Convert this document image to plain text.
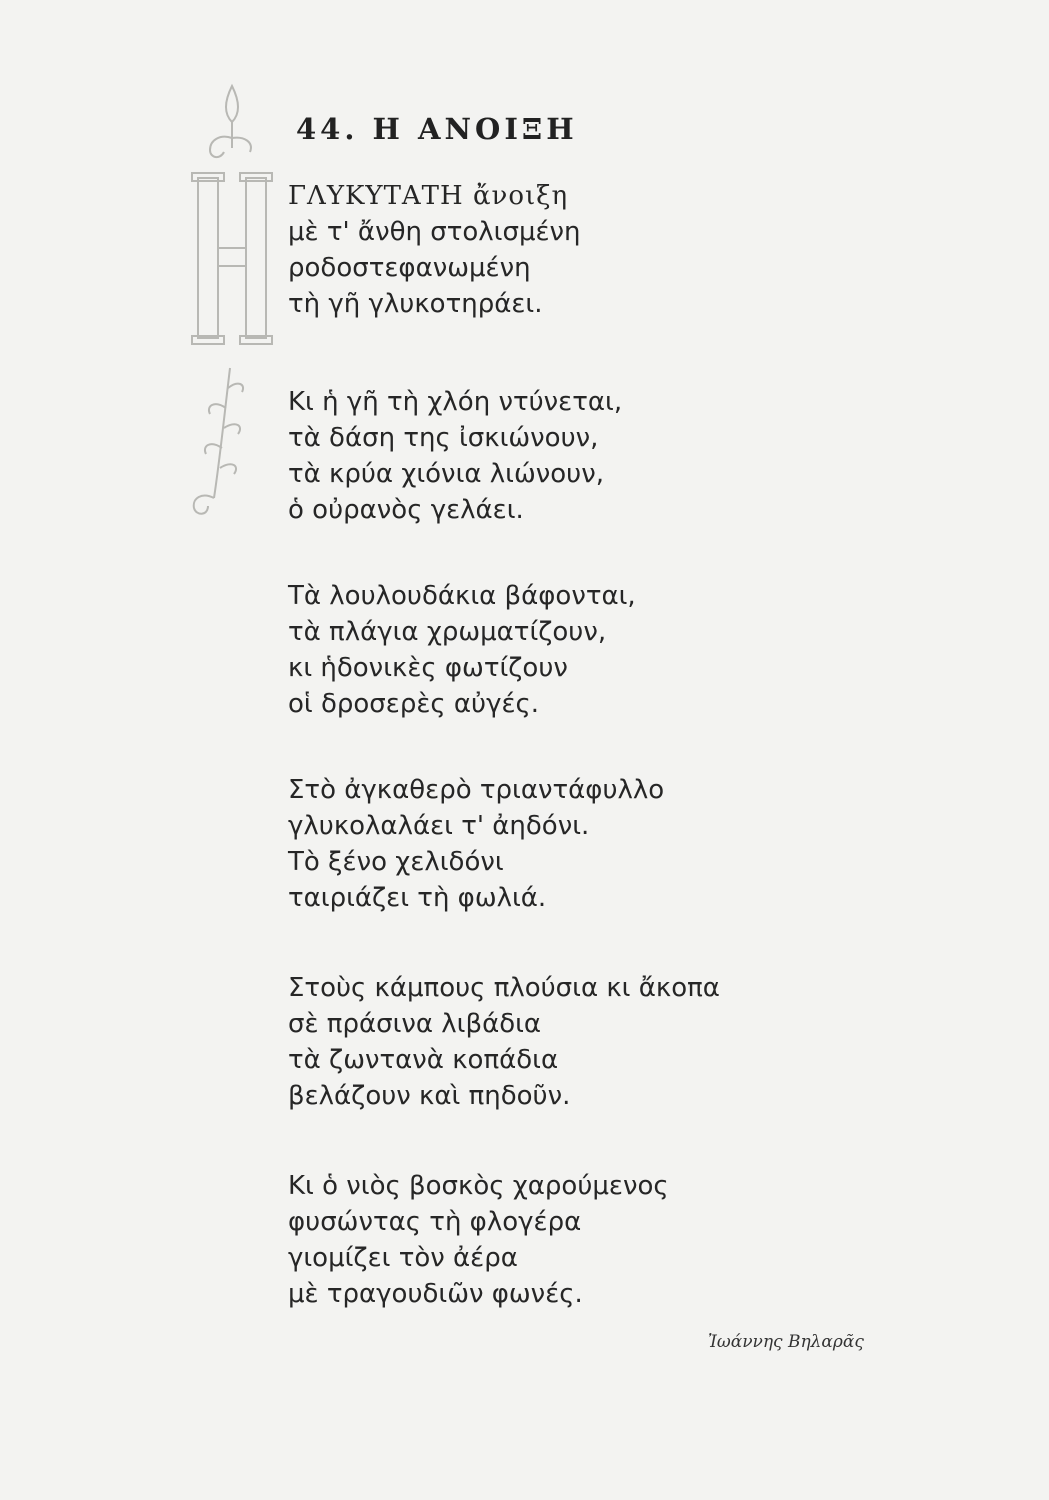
44. Η ΑΝΟΙΞΗ
ΓΛΥΚΥΤΑΤΗ ἄνοιξη
μὲ τ' ἄνθη στολισμένη
ροδοστεφανωμένη
τὴ γῆ γλυκοτηράει.
Κι ἡ γῆ τὴ χλόη ντύνεται,
τὰ δάση της ἰσκιώνουν,
τὰ κρύα χιόνια λιώνουν,
ὁ οὐρανὸς γελάει.
Τὰ λουλουδάκια βάφονται,
τὰ πλάγια χρωματίζουν,
κι ἡδονικὲς φωτίζουν
οἱ δροσερὲς αὐγές.
Στὸ ἀγκαθερὸ τριαντάφυλλο
γλυκολαλάει τ' ἀηδόνι.
Τὸ ξένο χελιδόνι
ταιριάζει τὴ φωλιά.
Στοὺς κάμπους πλούσια κι ἄκοπα
σὲ πράσινα λιβάδια
τὰ ζωντανὰ κοπάδια
βελάζουν καὶ πηδοῦν.
Κι ὁ νιὸς βοσκὸς χαρούμενος
φυσώντας τὴ φλογέρα
γιομίζει τὸν ἀέρα
μὲ τραγουδιῶν φωνές.
Ἰωάννης Βηλαρᾶς
